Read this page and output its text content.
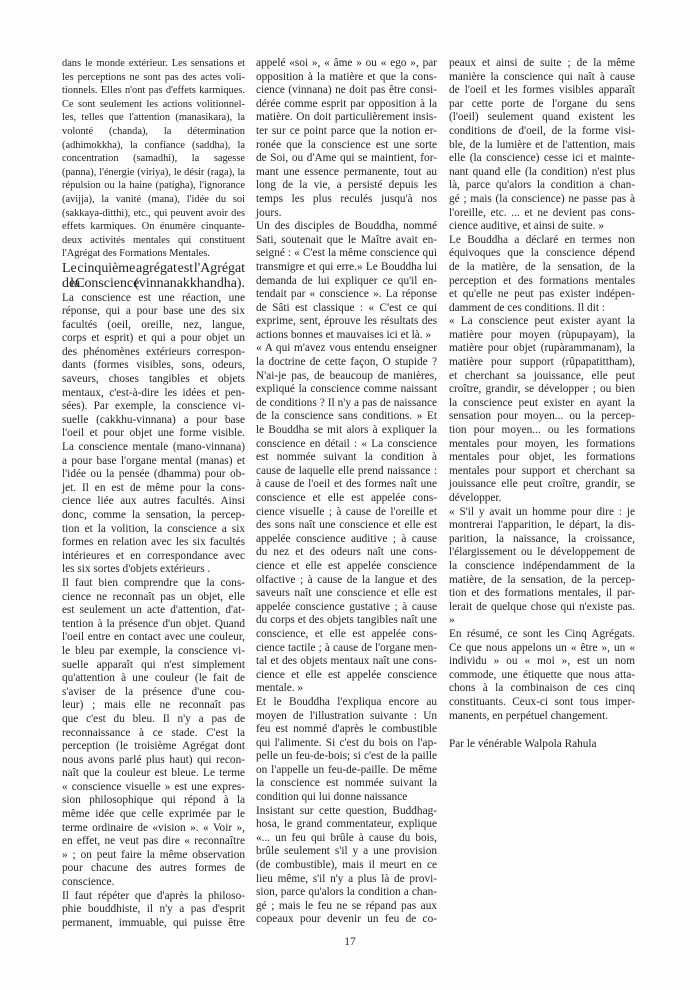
dans le monde extérieur. Les sensations et
les perceptions ne sont pas des actes voli-
tionnels. Elles n'ont pas d'effets karmiques.
Ce sont seulement les actions volitionnel-
les, telles que l'attention (manasikara), la
volonté (chanda), la détermination
(adhimokkha), la confiance (saddha), la
concentration (samadhi), la sagesse
(panna), l'énergie (viriya), le désir (raga), la
répulsion ou la haine (patigha), l'ignorance
(avijja), la vanité (mana), l'idée du soi
(sakkaya-ditthi), etc., qui peuvent avoir des
effets karmiques. On énumère cinquante-
deux activités mentales qui constituent
l'Agrégat des Formations Mentales.
Le cinquième agrégat est l'Agrégat
de la Conscience (vinnanakkhandha).
La conscience est une réaction, une
réponse, qui a pour base une des six
facultés (oeil, oreille, nez, langue,
corps et esprit) et qui a pour objet un
des phénomènes extérieurs correspon-
dants (formes visibles, sons, odeurs,
saveurs, choses tangibles et objets
mentaux, c'est-à-dire les idées et pen-
sées). Par exemple, la conscience vi-
suelle (cakkhu-vinnana) a pour base
l'oeil et pour objet une forme visible.
La conscience mentale (mano-vinnana)
a pour base l'organe mental (manas) et
l'idée ou la pensée (dhamma) pour ob-
jet. Il en est de même pour la cons-
cience liée aux autres facultés. Ainsi
donc, comme la sensation, la percep-
tion et la volition, la conscience a six
formes en relation avec les six facultés
intérieures et en correspondance avec
les six sortes d'objets extérieurs .
Il faut bien comprendre que la cons-
cience ne reconnaît pas un objet, elle
est seulement un acte d'attention, d'at-
tention à la présence d'un objet. Quand
l'oeil entre en contact avec une couleur,
le bleu par exemple, la conscience vi-
suelle apparaît qui n'est simplement
qu'attention à une couleur (le fait de
s'aviser de la présence d'une cou-
leur) ; mais elle ne reconnaît pas
que c'est du bleu. Il n'y a pas de
reconnaissance à ce stade. C'est la
perception (le troisième Agrégat dont
nous avons parlé plus haut) qui recon-
naît que la couleur est bleue. Le terme
« conscience visuelle » est une expres-
sion philosophique qui répond à la
même idée que celle exprimée par le
terme ordinaire de «vision ». « Voir »,
en effet, ne veut pas dire « reconnaître
» ; on peut faire la même observation
pour chacune des autres formes de
conscience.
Il faut répéter que d'après la philoso-
phie bouddhiste, il n'y a pas d'esprit
permanent, immuable, qui puisse être
appelé «soi », « âme » ou « ego », par
opposition à la matière et que la cons-
cience (vinnana) ne doit pas être consi-
dérée comme esprit par opposition à la
matière. On doit particulièrement insis-
ter sur ce point parce que la notion er-
ronée que la conscience est une sorte
de Soi, ou d'Ame qui se maintient, for-
mant une essence permanente, tout au
long de la vie, a persisté depuis les
temps les plus reculés jusqu'à nos
jours.
Un des disciples de Bouddha, nommé
Sati, soutenait que le Maître avait en-
seigné : « C'est la même conscience qui
transmigre et qui erre.» Le Bouddha lui
demanda de lui expliquer ce qu'il en-
tendait par « conscience ». La réponse
de Sâti est classique : « C'est ce qui
exprime, sent, éprouve les résultats des
actions bonnes et mauvaises ici et là. »
« A qui m'avez vous entendu enseigner
la doctrine de cette façon, O stupide ?
N'ai-je pas, de beaucoup de manières,
expliqué la conscience comme naissant
de conditions ? Il n'y a pas de naissance
de la conscience sans conditions. » Et
le Bouddha se mit alors à expliquer la
conscience en détail : « La conscience
est nommée suivant la condition à
cause de laquelle elle prend naissance :
à cause de l'oeil et des formes naît une
conscience et elle est appelée cons-
cience visuelle ; à cause de l'oreille et
des sons naît une conscience et elle est
appelée conscience auditive ; à cause
du nez et des odeurs naît une cons-
cience et elle est appelée conscience
olfactive ; à cause de la langue et des
saveurs naît une conscience et elle est
appelée conscience gustative ; à cause
du corps et des objets tangibles naît une
conscience, et elle est appelée cons-
cience tactile ; à cause de l'organe men-
tal et des objets mentaux naît une cons-
cience et elle est appelée conscience
mentale. »
Et le Bouddha l'expliqua encore au
moyen de l'illustration suivante : Un
feu est nommé d'après le combustible
qui l'alimente. Si c'est du bois on l'ap-
pelle un feu-de-bois; si c'est de la paille
on l'appelle un feu-de-paille. De même
la conscience est nommée suivant la
condition qui lui donne naissance
Insistant sur cette question, Buddhag-
hosa, le grand commentateur, explique
«... un feu qui brûle à cause du bois,
brûle seulement s'il y a une provision
(de combustible), mais il meurt en ce
lieu même, s'il n'y a plus là de provi-
sion, parce qu'alors la condition a chan-
gé ; mais le feu ne se répand pas aux
copeaux pour devenir un feu de co-
peaux et ainsi de suite ; de la même
manière la conscience qui naît à cause
de l'oeil et les formes visibles apparaît
par cette porte de l'organe du sens
(l'oeil) seulement quand existent les
conditions de d'oeil, de la forme visi-
ble, de la lumière et de l'attention, mais
elle (la conscience) cesse ici et mainte-
nant quand elle (la condition) n'est plus
là, parce qu'alors la condition a chan-
gé ; mais (la conscience) ne passe pas à
l'oreille, etc. ... et ne devient pas cons-
cience auditive, et ainsi de suite. »
Le Bouddha a déclaré en termes non
équivoques que la conscience dépend
de la matière, de la sensation, de la
perception et des formations mentales
et qu'elle ne peut pas exister indépen-
damment de ces conditions. Il dit :
« La conscience peut exister ayant la
matière pour moyen (rùpupayam), la
matière pour objet (rupàrammanam), la
matière pour support (rûpapatittham),
et cherchant sa jouissance, elle peut
croître, grandir, se développer ; ou bien
la conscience peut exister en ayant la
sensation pour moyen... ou la percep-
tion pour moyen... ou les formations
mentales pour moyen, les formations
mentales pour objet, les formations
mentales pour support et cherchant sa
jouissance elle peut croître, grandir, se
développer.
« S'il y avait un homme pour dire : je
montrerai l'apparition, le départ, la dis-
parition, la naissance, la croissance,
l'élargissement ou le développement de
la conscience indépendamment de la
matière, de la sensation, de la percep-
tion et des formations mentales, il par-
lerait de quelque chose qui n'existe pas.
»
En résumé, ce sont les Cinq Agrégats.
Ce que nous appelons un « être », un «
individu » ou « moi », est un nom
commode, une étiquette que nous atta-
chons à la combinaison de ces cinq
constituants. Ceux-ci sont tous imper-
manents, en perpétuel changement.
Par le vénérable Walpola Rahula
17
